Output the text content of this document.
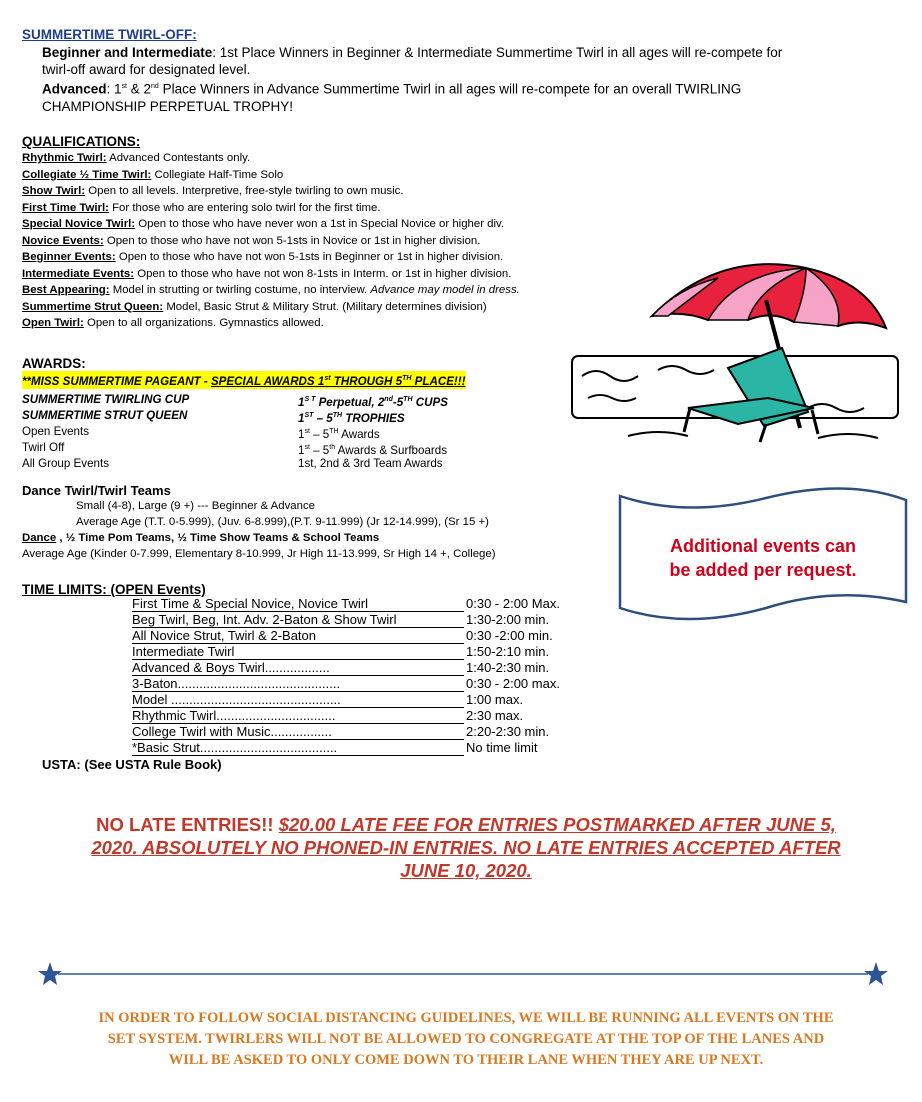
SUMMERTIME TWIRL-OFF:
Beginner and Intermediate: 1st Place Winners in Beginner & Intermediate Summertime Twirl in all ages will re-compete for
twirl-off award for designated level.
Advanced: 1st & 2nd Place Winners in Advance Summertime Twirl in all ages will re-compete for an overall TWIRLING
CHAMPIONSHIP PERPETUAL TROPHY!
QUALIFICATIONS:
Rhythmic Twirl: Advanced Contestants only.
Collegiate ½ Time Twirl: Collegiate Half-Time Solo
Show Twirl: Open to all levels. Interpretive, free-style twirling to own music.
First Time Twirl: For those who are entering solo twirl for the first time.
Special Novice Twirl: Open to those who have never won a 1st in Special Novice or higher div.
Novice Events: Open to those who have not won 5-1sts in Novice or 1st in higher division.
Beginner Events: Open to those who have not won 5-1sts in Beginner or 1st in higher division.
Intermediate Events: Open to those who have not won 8-1sts in Interm. or 1st in higher division.
Best Appearing: Model in strutting or twirling costume, no interview. Advance may model in dress.
Summertime Strut Queen: Model, Basic Strut & Military Strut. (Military determines division)
Open Twirl: Open to all organizations. Gymnastics allowed.
AWARDS:
**MISS SUMMERTIME PAGEANT - SPECIAL AWARDS 1st THROUGH 5TH PLACE!!!
SUMMERTIME TWIRLING CUP	$1^{S T}$ Perpetual, 2nd-5TH CUPS
SUMMERTIME STRUT QUEEN	1ST – 5TH TROPHIES
Open Events	1st – 5TH Awards
Twirl Off	1st – 5th Awards & Surfboards
All Group Events	1st, 2nd & 3rd Team Awards
Dance Twirl/Twirl Teams
Small (4-8), Large (9 +) --- Beginner & Advance
Average Age (T.T. 0-5.999), (Juv. 6-8.999),(P.T. 9-11.999) (Jr 12-14.999), (Sr 15 +)
Dance , ½ Time Pom Teams, ½ Time Show Teams & School Teams
Average Age (Kinder 0-7.999, Elementary 8-10.999, Jr High 11-13.999, Sr High 14 +, College)	Additional events can
be added per request.
TIME LIMITS: (OPEN Events)
First Time & Special Novice, Novice Twirl	0:30 - 2:00 Max.
Beg Twirl, Beg, Int. Adv. 2-Baton & Show Twirl	1:30-2:00 min.
All Novice Strut, Twirl & 2-Baton	0:30 -2:00 min.
Intermediate Twirl	1:50-2:10 min.
Advanced & Boys Twirl..................	1:40-2:30 min.
3-Baton.............................................	0:30 - 2:00 max.
Model ...............................................	1:00 max.
Rhythmic Twirl.................................	2:30 max.
College Twirl with Music.................	2:20-2:30 min.
*Basic Strut......................................	No time limit
USTA: (See USTA Rule Book)
NO LATE ENTRIES!! $20.00 LATE FEE FOR ENTRIES POSTMARKED AFTER JUNE 5,
2020. ABSOLUTELY NO PHONED-IN ENTRIES. NO LATE ENTRIES ACCEPTED AFTER
JUNE 10, 2020.
IN ORDER TO FOLLOW SOCIAL DISTANCING GUIDELINES, WE WILL BE RUNNING ALL EVENTS ON THE
SET SYSTEM. TWIRLERS WILL NOT BE ALLOWED TO CONGREGATE AT THE TOP OF THE LANES AND
WILL BE ASKED TO ONLY COME DOWN TO THEIR LANE WHEN THEY ARE UP NEXT.
